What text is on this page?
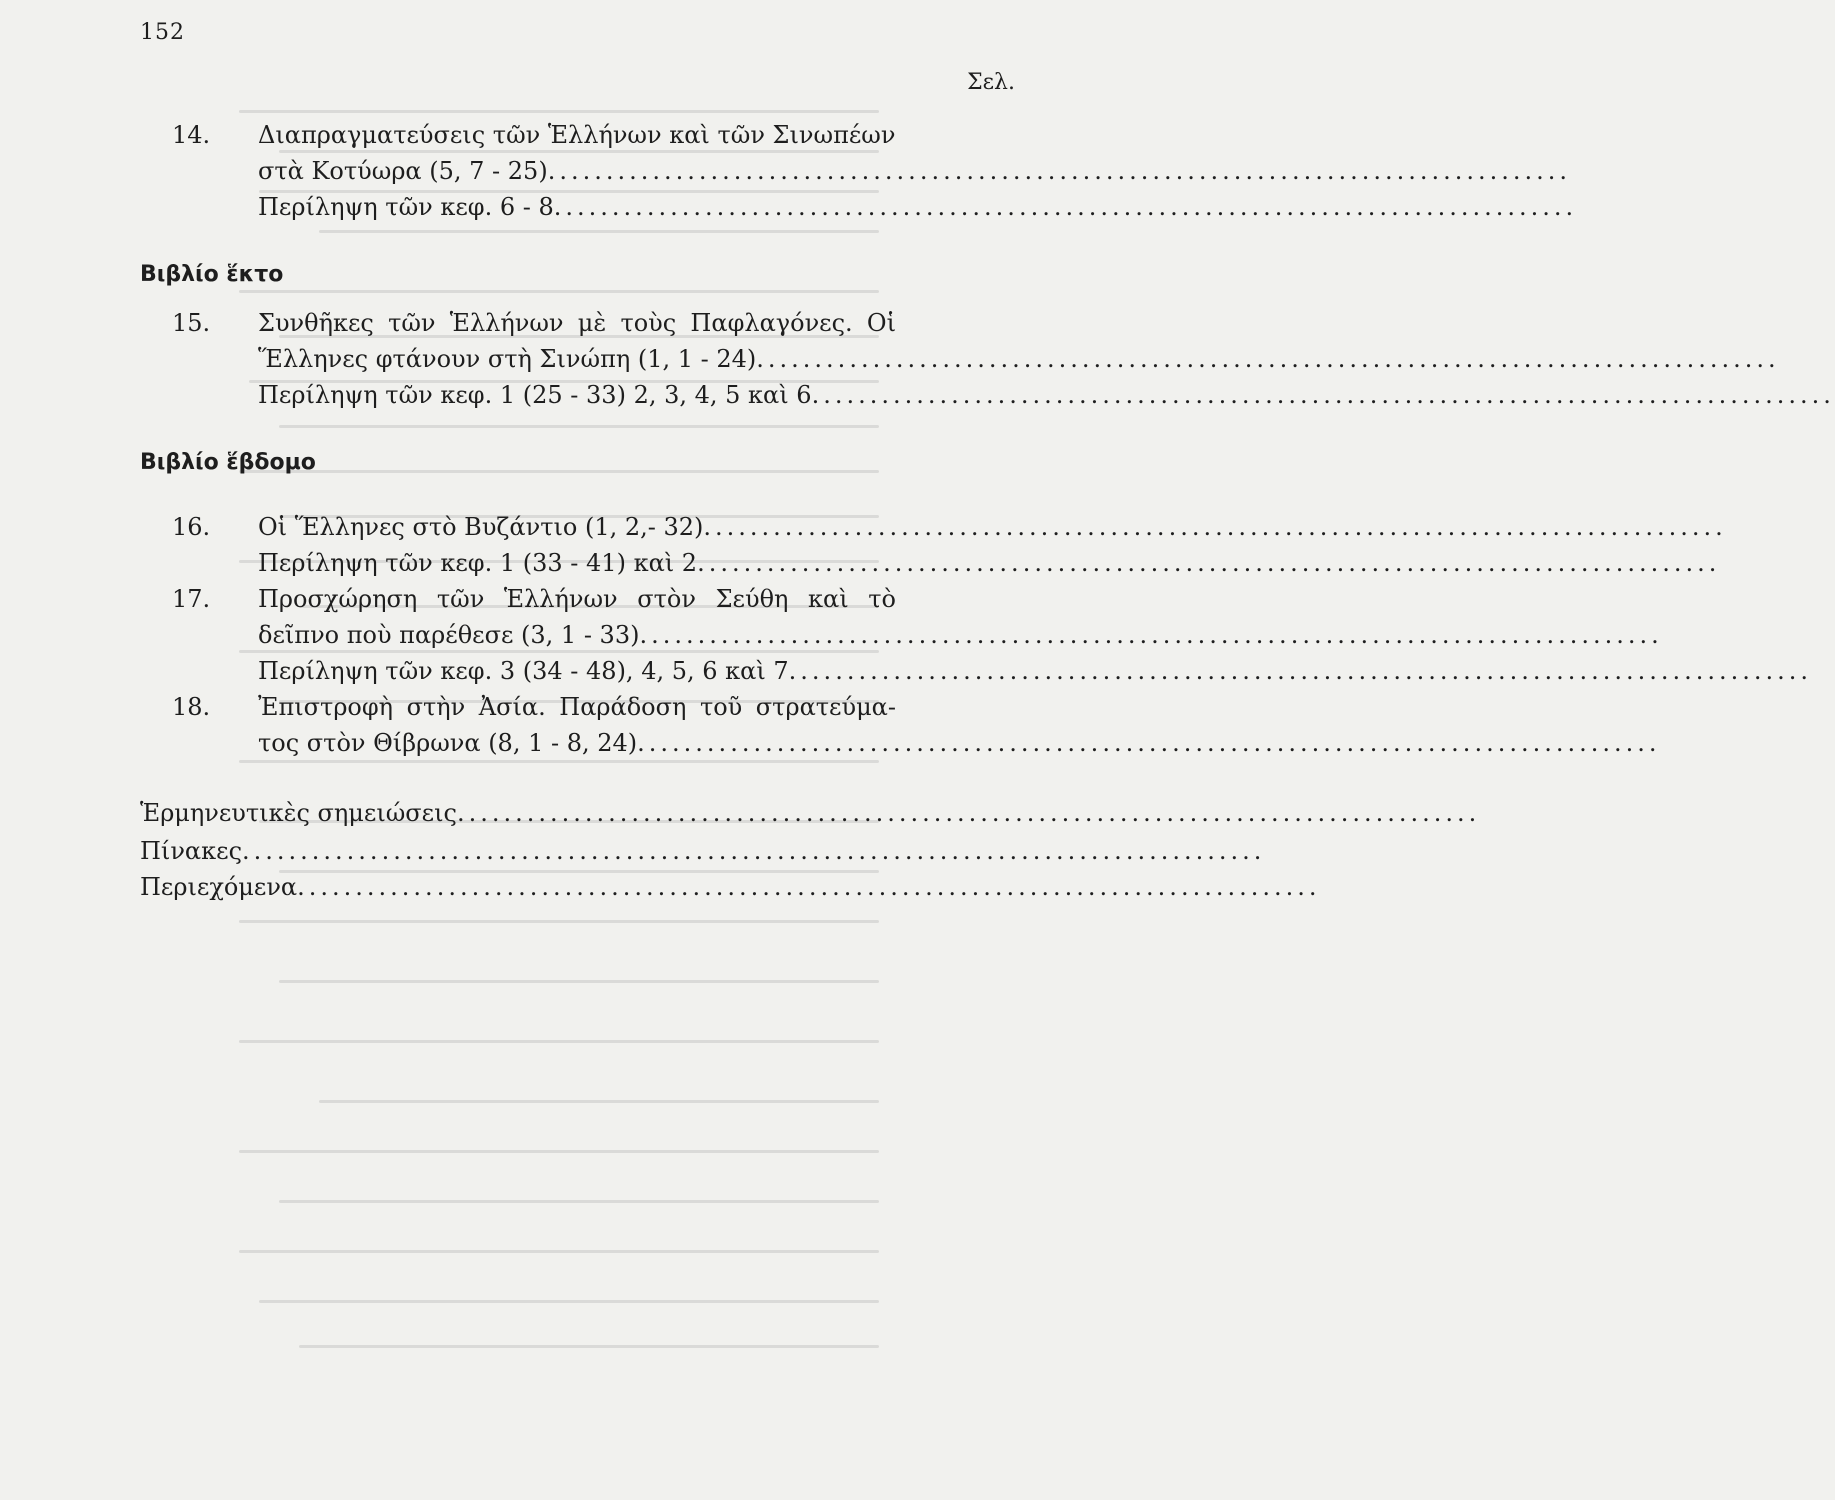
152
Σελ.
14.	Διαπραγματεύσεις τῶν Ἑλλήνων καὶ τῶν Σινωπέων
στὰ Κοτύωρα (5, 7 - 25) ........................................................................................
Περίληψη τῶν κεφ. 6 - 8 ........................................................................................
Βιβλίο ἕκτο
15.	Συνθῆκες τῶν Ἑλλήνων μὲ τοὺς Παφλαγόνες. Οἱ
Ἕλληνες φτάνουν στὴ Σινώπη (1, 1 - 24) ........................................................................................
Περίληψη τῶν κεφ. 1 (25 - 33) 2, 3, 4, 5 καὶ 6 ........................................................................................
Βιβλίο ἕβδομο
16.	Οἱ Ἕλληνες στὸ Βυζάντιο (1, 2,- 32) ........................................................................................
Περίληψη τῶν κεφ. 1 (33 - 41) καὶ 2 ........................................................................................
17.	Προσχώρηση τῶν Ἑλλήνων στὸν Σεύθη καὶ τὸ
δεῖπνο ποὺ παρέθεσε (3, 1 - 33) ........................................................................................
Περίληψη τῶν κεφ. 3 (34 - 48), 4, 5, 6 καὶ 7 ........................................................................................
18.	Ἐπιστροφὴ στὴν Ἀσία. Παράδοση τοῦ στρατεύμα-
τος στὸν Θίβρωνα (8, 1 - 8, 24) ........................................................................................
Ἑρμηνευτικὲς σημειώσεις ........................................................................................
Πίνακες ........................................................................................
Περιεχόμενα ........................................................................................
